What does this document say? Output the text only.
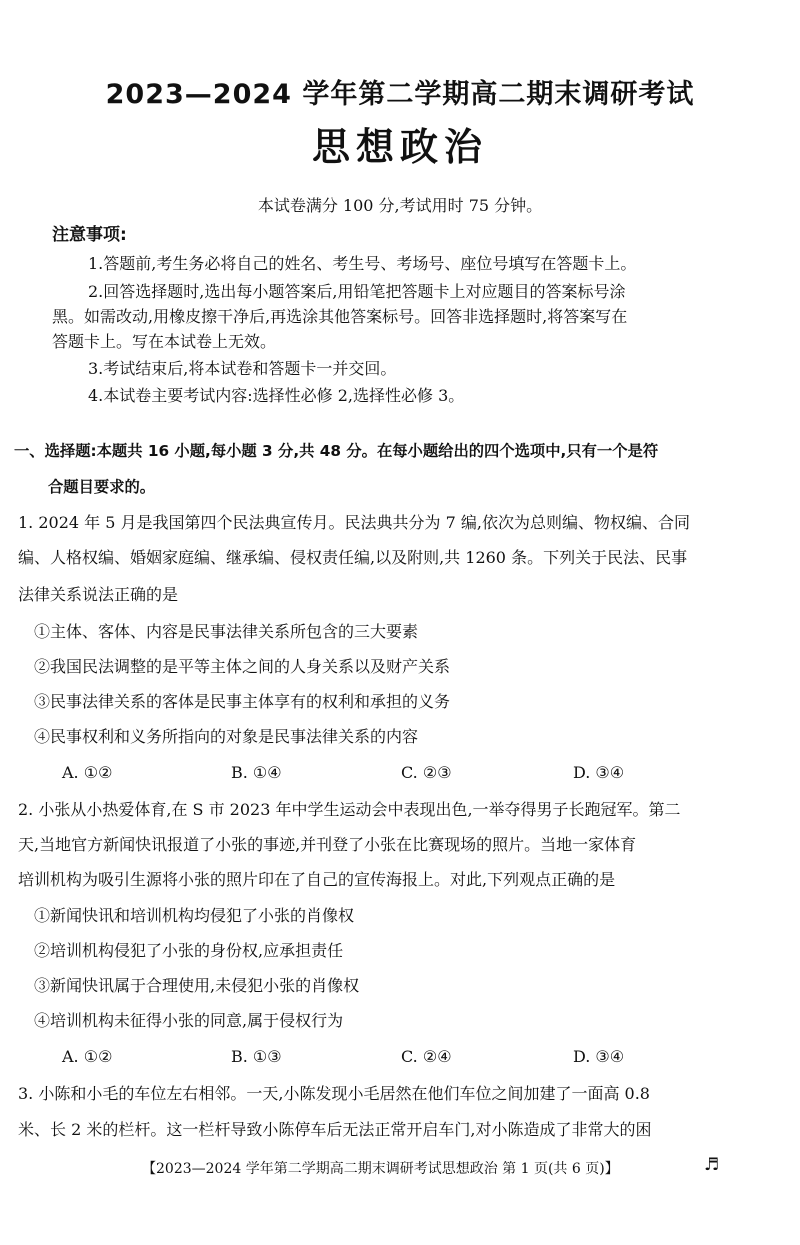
2023—2024 学年第二学期高二期末调研考试
思想政治
本试卷满分 100 分,考试用时 75 分钟。
注意事项:
1.答题前,考生务必将自己的姓名、考生号、考场号、座位号填写在答题卡上。
2.回答选择题时,选出每小题答案后,用铅笔把答题卡上对应题目的答案标号涂
黑。如需改动,用橡皮擦干净后,再选涂其他答案标号。回答非选择题时,将答案写在
答题卡上。写在本试卷上无效。
3.考试结束后,将本试卷和答题卡一并交回。
4.本试卷主要考试内容:选择性必修 2,选择性必修 3。
一、选择题:本题共 16 小题,每小题 3 分,共 48 分。在每小题给出的四个选项中,只有一个是符
合题目要求的。
1. 2024 年 5 月是我国第四个民法典宣传月。民法典共分为 7 编,依次为总则编、物权编、合同
编、人格权编、婚姻家庭编、继承编、侵权责任编,以及附则,共 1260 条。下列关于民法、民事
法律关系说法正确的是
①主体、客体、内容是民事法律关系所包含的三大要素
②我国民法调整的是平等主体之间的人身关系以及财产关系
③民事法律关系的客体是民事主体享有的权利和承担的义务
④民事权利和义务所指向的对象是民事法律关系的内容
A. ①②	B. ①④	C. ②③	D. ③④
2. 小张从小热爱体育,在 S 市 2023 年中学生运动会中表现出色,一举夺得男子长跑冠军。第二
天,当地官方新闻快讯报道了小张的事迹,并刊登了小张在比赛现场的照片。当地一家体育
培训机构为吸引生源将小张的照片印在了自己的宣传海报上。对此,下列观点正确的是
①新闻快讯和培训机构均侵犯了小张的肖像权
②培训机构侵犯了小张的身份权,应承担责任
③新闻快讯属于合理使用,未侵犯小张的肖像权
④培训机构未征得小张的同意,属于侵权行为
A. ①②	B. ①③	C. ②④	D. ③④
3. 小陈和小毛的车位左右相邻。一天,小陈发现小毛居然在他们车位之间加建了一面高 0.8
米、长 2 米的栏杆。这一栏杆导致小陈停车后无法正常开启车门,对小陈造成了非常大的困
【2023—2024 学年第二学期高二期末调研考试思想政治 第 1 页(共 6 页)】	♬
